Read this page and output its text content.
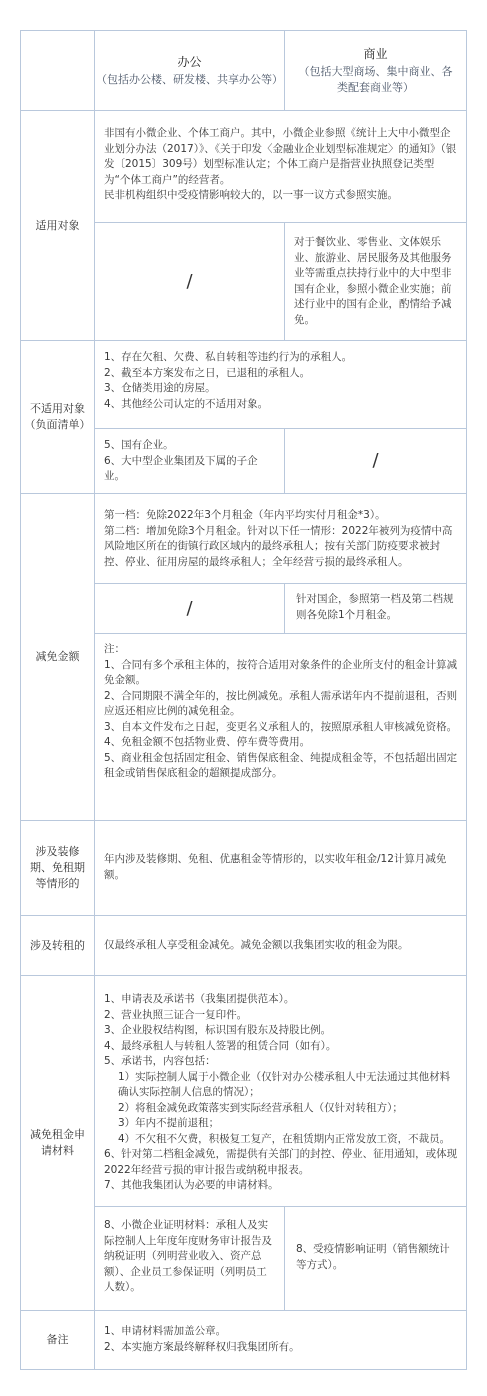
办公
（包括办公楼、研发楼、共享办公等）
商业
（包括大型商场、集中商业、各类配套商业等）
适用对象
非国有小微企业、个体工商户。其中，小微企业参照《统计上大中小微型企业划分办法（2017）》、《关于印发〈金融业企业划型标准规定〉的通知》（银发〔2015〕309号）划型标准认定；个体工商户是指营业执照登记类型为“个体工商户”的经营者。
民非机构组织中受疫情影响较大的，以一事一议方式参照实施。
/
对于餐饮业、零售业、文体娱乐业、旅游业、居民服务及其他服务业等需重点扶持行业中的大中型非国有企业，参照小微企业实施；前述行业中的国有企业，酌情给予减免。
不适用对象（负面清单）
1、存在欠租、欠费、私自转租等违约行为的承租人。
2、截至本方案发布之日，已退租的承租人。
3、仓储类用途的房屋。
4、其他经公司认定的不适用对象。
5、国有企业。
6、大中型企业集团及下属的子企业。
/
减免金额
第一档：免除2022年3个月租金（年内平均实付月租金*3）。
第二档：增加免除3个月租金。针对以下任一情形：2022年被列为疫情中高风险地区所在的街镇行政区域内的最终承租人；按有关部门防疫要求被封控、停业、征用房屋的最终承租人；全年经营亏损的最终承租人。
/	针对国企，参照第一档及第二档规则各免除1个月租金。
注：
1、合同有多个承租主体的，按符合适用对象条件的企业所支付的租金计算减免金额。
2、合同期限不满全年的，按比例减免。承租人需承诺年内不提前退租，否则应返还相应比例的减免租金。
3、自本文件发布之日起，变更名义承租人的，按照原承租人审核减免资格。
4、免租金额不包括物业费、停车费等费用。
5、商业租金包括固定租金、销售保底租金、纯提成租金等，不包括超出固定租金或销售保底租金的超额提成部分。
涉及装修期、免租期等情形的
年内涉及装修期、免租、优惠租金等情形的，以实收年租金/12计算月减免额。
涉及转租的	仅最终承租人享受租金减免。减免金额以我集团实收的租金为限。
减免租金申请材料
1、申请表及承诺书（我集团提供范本）。
2、营业执照三证合一复印件。
3、企业股权结构图，标识国有股东及持股比例。
4、最终承租人与转租人签署的租赁合同（如有）。
5、承诺书，内容包括：
1）实际控制人属于小微企业（仅针对办公楼承租人中无法通过其他材料确认实际控制人信息的情况）；
2）将租金减免政策落实到实际经营承租人（仅针对转租方）；
3）年内不提前退租；
4）不欠租不欠费，积极复工复产，在租赁期内正常发放工资，不裁员。
6、针对第二档租金减免，需提供有关部门的封控、停业、征用通知，或体现2022年经营亏损的审计报告或纳税申报表。
7、其他我集团认为必要的申请材料。
8、小微企业证明材料：承租人及实际控制人上年度年度财务审计报告及纳税证明（列明营业收入、资产总额）、企业员工参保证明（列明员工人数）。
8、受疫情影响证明（销售额统计等方式）。
备注
1、申请材料需加盖公章。
2、本实施方案最终解释权归我集团所有。
